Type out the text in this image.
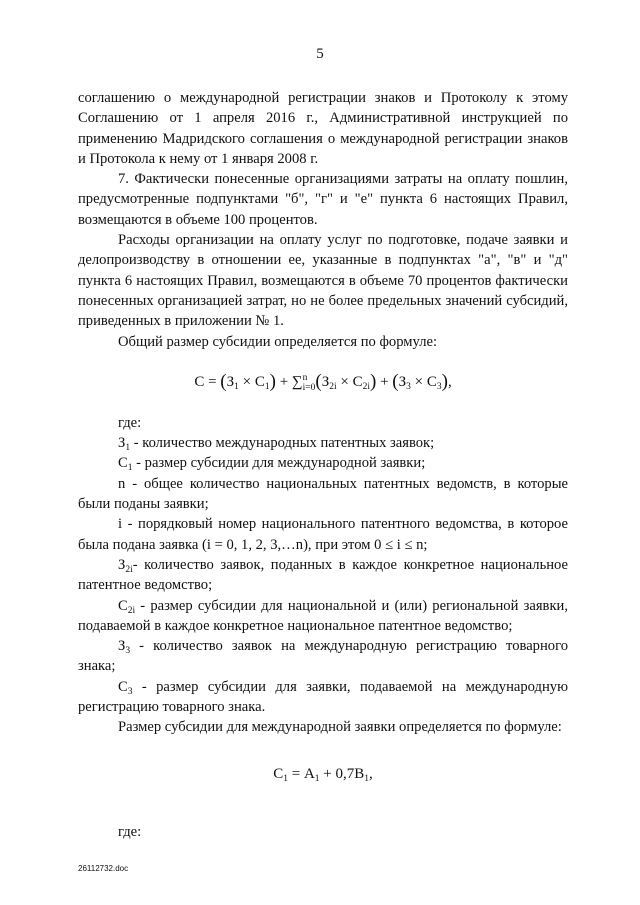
5

соглашению о международной регистрации знаков и Протоколу к этому Соглашению от 1 апреля 2016 г., Административной инструкцией по применению Мадридского соглашения о международной регистрации знаков и Протокола к нему от 1 января 2008 г.

7. Фактически понесенные организациями затраты на оплату пошлин, предусмотренные подпунктами "б", "г" и "е" пункта 6 настоящих Правил, возмещаются в объеме 100 процентов.

Расходы организации на оплату услуг по подготовке, подаче заявки и делопроизводству в отношении ее, указанные в подпунктах "а", "в" и "д" пункта 6 настоящих Правил, возмещаются в объеме 70 процентов фактически понесенных организацией затрат, но не более предельных значений субсидий, приведенных в приложении № 1.

Общий размер субсидии определяется по формуле:

$С = (З_1 \times С_1) + \sum n$
$i=0(З_{2i} \times С_{2i}) + (З_3 \times С_3)$,

где:

$З_1$ - количество международных патентных заявок;

$С_1$ - размер субсидии для международной заявки;

n - общее количество национальных патентных ведомств, в которые были поданы заявки;

i - порядковый номер национального патентного ведомства, в которое была подана заявка (i = 0, 1, 2, 3,…n), при этом 0 ≤ i ≤ n;

$З_{2i}-$ количество заявок, поданных в каждое конкретное национальное патентное ведомство;

$С_{2i}$ - размер субсидии для национальной и (или) региональной заявки, подаваемой в каждое конкретное национальное патентное ведомство;

$З_3$ - количество заявок на международную регистрацию товарного знака;

$С_3$ - размер субсидии для заявки, подаваемой на международную регистрацию товарного знака.

Размер субсидии для международной заявки определяется по формуле:

$С_1 = А_1 + 0,7В_1$,

где:

26112732.doc
